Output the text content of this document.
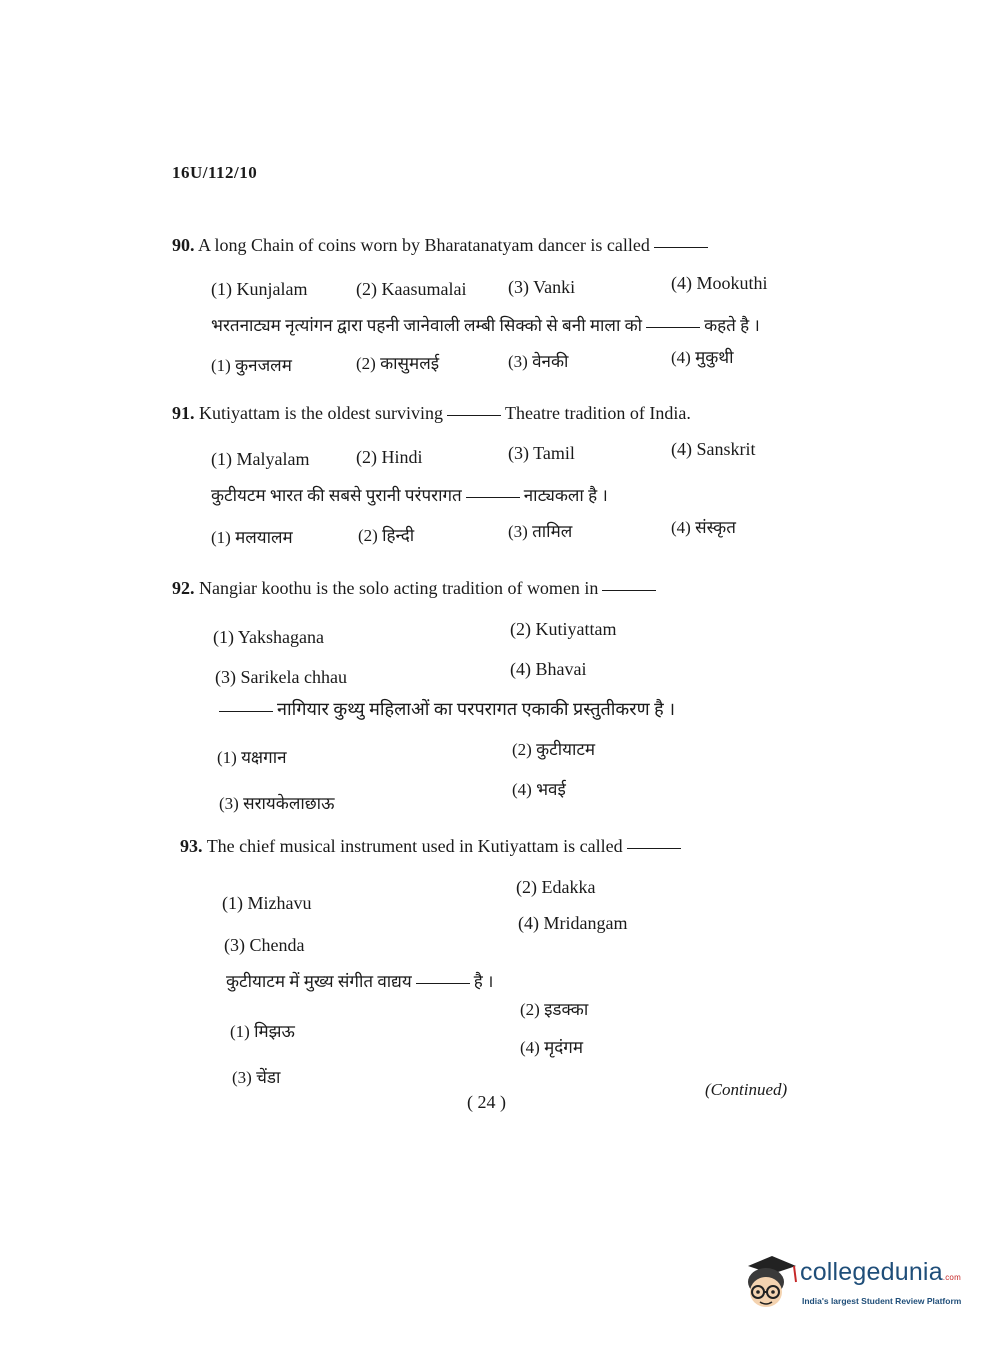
16U/112/10
90. A long Chain of coins worn by Bharatanatyam dancer is called
(1) Kunjalam	(2) Kaasumalai (3) Vanki	(4) Mookuthi
भरतनाट्यम नृत्यांगन द्वारा पहनी जानेवाली लम्बी सिक्को से बनी माला को	कहते है ।
(1) कुनजलम	(2) कासुमलई	(3) वेनकी	(4) मुकुथी
91. Kutiyattam is the oldest surviving	Theatre tradition of India.
(1) Malyalam	(2) Hindi	(3) Tamil	(4) Sanskrit
कुटीयटम भारत की सबसे पुरानी परंपरागत	नाट्यकला है ।
(1) मलयालम	(2) हिन्दी	(3) तामिल	(4) संस्कृत
92. Nangiar koothu is the solo acting tradition of women in
(1) Yakshagana	(2) Kutiyattam
(3) Sarikela chhau	(4) Bhavai
नागियार कुथ्यु महिलाओं का परपरागत एकाकी प्रस्तुतीकरण है ।
(1) यक्षगान	(2) कुटीयाटम
(3) सरायकेलाछाऊ
(4) भवई
93. The chief musical instrument used in Kutiyattam is called
(1) Mizhavu
(2) Edakka
(3) Chenda
(4) Mridangam
कुटीयाटम में मुख्य संगीत वाद्यय	है ।
(1) मिझऊ
(2) इडक्का
(3) चेंडा
(4) मृदंगम
( 24 )
(Continued)
collegedunia.com
India's largest Student Review Platform
